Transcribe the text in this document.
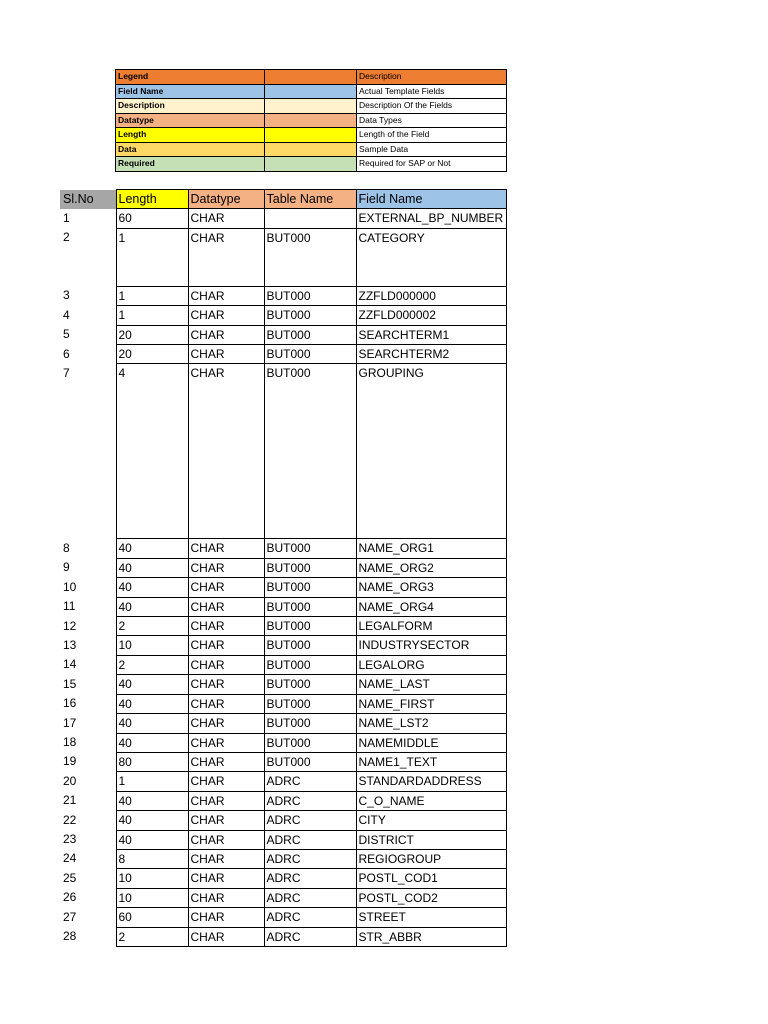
Legend		Description
Field Name		Actual Template Fields
Description		Description Of the Fields
Datatype		Data Types
Length		Length of the Field
Data		Sample Data
Required		Required for SAP or Not
Sl.No	Length	Datatype	Table Name	Field Name
1	60	CHAR		EXTERNAL_BP_NUMBER
2	1	CHAR	BUT000	CATEGORY
3	1	CHAR	BUT000	ZZFLD000000
4	1	CHAR	BUT000	ZZFLD000002
5	20	CHAR	BUT000	SEARCHTERM1
6	20	CHAR	BUT000	SEARCHTERM2
7	4	CHAR	BUT000	GROUPING
8	40	CHAR	BUT000	NAME_ORG1
9	40	CHAR	BUT000	NAME_ORG2
10	40	CHAR	BUT000	NAME_ORG3
11	40	CHAR	BUT000	NAME_ORG4
12	2	CHAR	BUT000	LEGALFORM
13	10	CHAR	BUT000	INDUSTRYSECTOR
14	2	CHAR	BUT000	LEGALORG
15	40	CHAR	BUT000	NAME_LAST
16	40	CHAR	BUT000	NAME_FIRST
17	40	CHAR	BUT000	NAME_LST2
18	40	CHAR	BUT000	NAMEMIDDLE
19	80	CHAR	BUT000	NAME1_TEXT
20	1	CHAR	ADRC	STANDARDADDRESS
21	40	CHAR	ADRC	C_O_NAME
22	40	CHAR	ADRC	CITY
23	40	CHAR	ADRC	DISTRICT
24	8	CHAR	ADRC	REGIOGROUP
25	10	CHAR	ADRC	POSTL_COD1
26	10	CHAR	ADRC	POSTL_COD2
27	60	CHAR	ADRC	STREET
28	2	CHAR	ADRC	STR_ABBR
